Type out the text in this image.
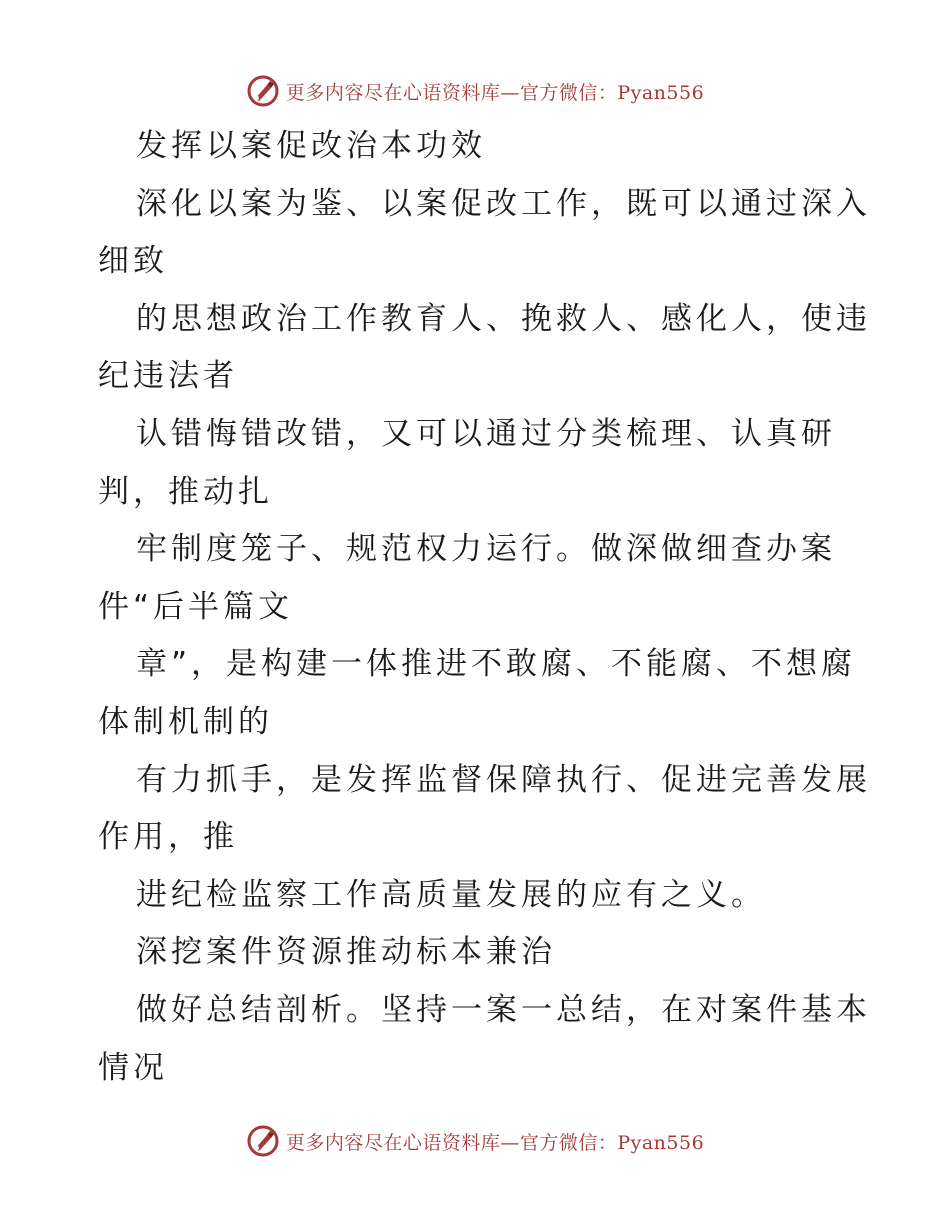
更多内容尽在心语资料库—官方微信：Pyan556
发挥以案促改治本功效
深化以案为鉴、以案促改工作，既可以通过深入
细致
的思想政治工作教育人、挽救人、感化人，使违
纪违法者
认错悔错改错，又可以通过分类梳理、认真研
判，推动扎
牢制度笼子、规范权力运行。做深做细查办案
件“后半篇文
章”，是构建一体推进不敢腐、不能腐、不想腐
体制机制的
有力抓手，是发挥监督保障执行、促进完善发展
作用，推
进纪检监察工作高质量发展的应有之义。
深挖案件资源推动标本兼治
做好总结剖析。坚持一案一总结，在对案件基本
情况
更多内容尽在心语资料库—官方微信：Pyan556
